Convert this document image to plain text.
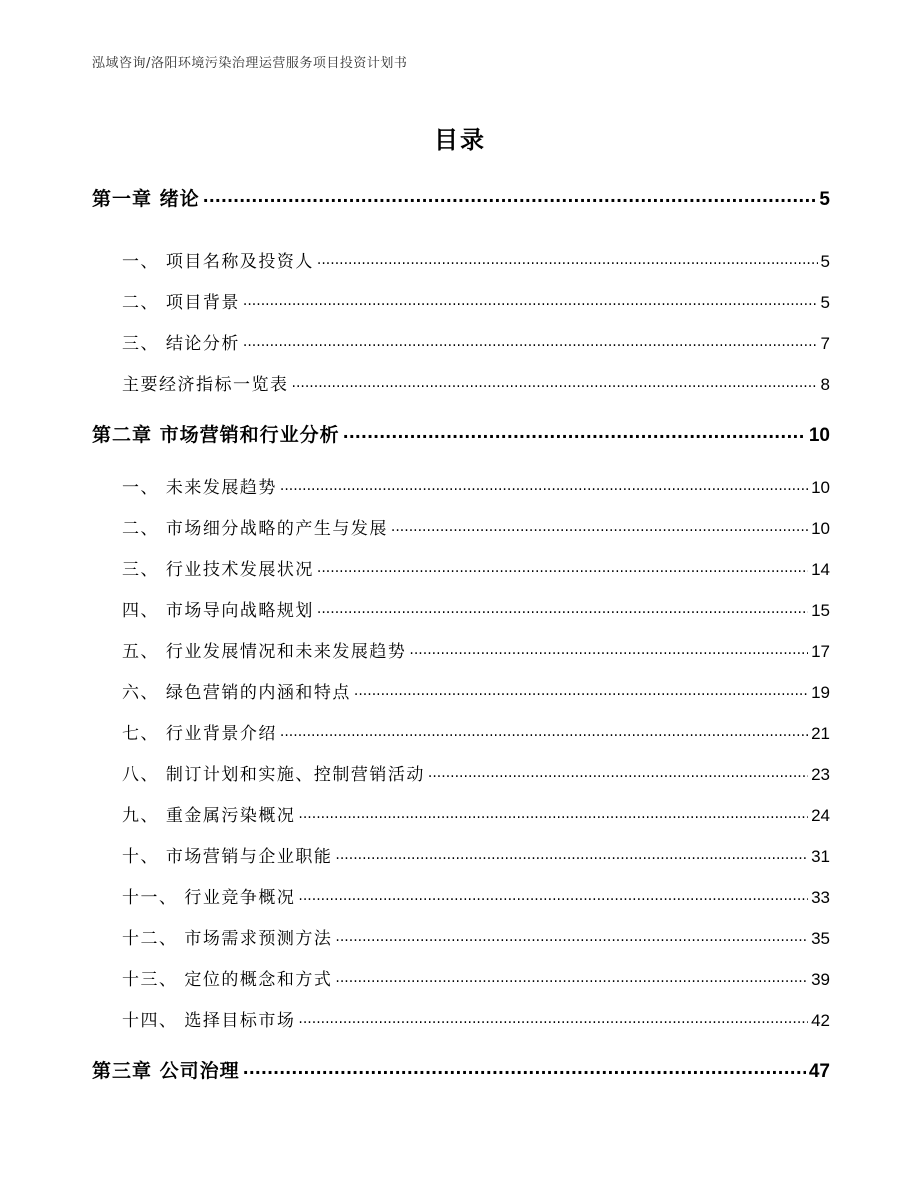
泓域咨询/洛阳环境污染治理运营服务项目投资计划书
目录
第一章 绪论 .....	5
一、 项目名称及投资人 .....	5
二、 项目背景 .....	5
三、 结论分析 .....	7
主要经济指标一览表 .....	8
第二章 市场营销和行业分析 .....	10
一、 未来发展趋势 .....	10
二、 市场细分战略的产生与发展 .....	10
三、 行业技术发展状况 .....	14
四、 市场导向战略规划 .....	15
五、 行业发展情况和未来发展趋势 .....	17
六、 绿色营销的内涵和特点 .....	19
七、 行业背景介绍 .....	21
八、 制订计划和实施、控制营销活动 .....	23
九、 重金属污染概况 .....	24
十、 市场营销与企业职能 .....	31
十一、 行业竞争概况 .....	33
十二、 市场需求预测方法 .....	35
十三、 定位的概念和方式 .....	39
十四、 选择目标市场 .....	42
第三章 公司治理 .....	47
